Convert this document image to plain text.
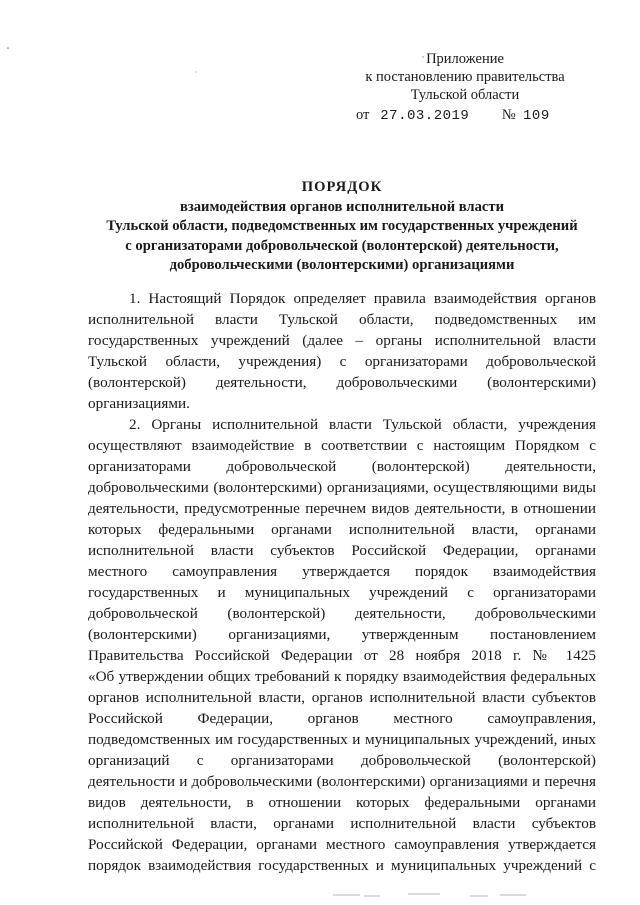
Приложение
к постановлению правительства
Тульской области
от 27.03.2019 № 109
ПОРЯДОК
взаимодействия органов исполнительной власти
Тульской области, подведомственных им государственных учреждений
с организаторами добровольческой (волонтерской) деятельности,
добровольческими (волонтерскими) организациями
1. Настоящий Порядок определяет правила взаимодействия органов
исполнительной власти Тульской области, подведомственных им
государственных учреждений (далее – органы исполнительной власти
Тульской области, учреждения) с организаторами добровольческой
(волонтерской) деятельности, добровольческими (волонтерскими)
организациями.
2. Органы исполнительной власти Тульской области, учреждения
осуществляют взаимодействие в соответствии с настоящим Порядком с
организаторами добровольческой (волонтерской) деятельности,
добровольческими (волонтерскими) организациями, осуществляющими виды
деятельности, предусмотренные перечнем видов деятельности, в отношении
которых федеральными органами исполнительной власти, органами
исполнительной власти субъектов Российской Федерации, органами
местного самоуправления утверждается порядок взаимодействия
государственных и муниципальных учреждений с организаторами
добровольческой (волонтерской) деятельности, добровольческими
(волонтерскими) организациями, утвержденным постановлением
Правительства Российской Федерации от 28 ноября 2018 г. № 1425
«Об утверждении общих требований к порядку взаимодействия федеральных
органов исполнительной власти, органов исполнительной власти субъектов
Российской Федерации, органов местного самоуправления,
подведомственных им государственных и муниципальных учреждений, иных
организаций с организаторами добровольческой (волонтерской)
деятельности и добровольческими (волонтерскими) организациями и перечня
видов деятельности, в отношении которых федеральными органами
исполнительной власти, органами исполнительной власти субъектов
Российской Федерации, органами местного самоуправления утверждается
порядок взаимодействия государственных и муниципальных учреждений с
